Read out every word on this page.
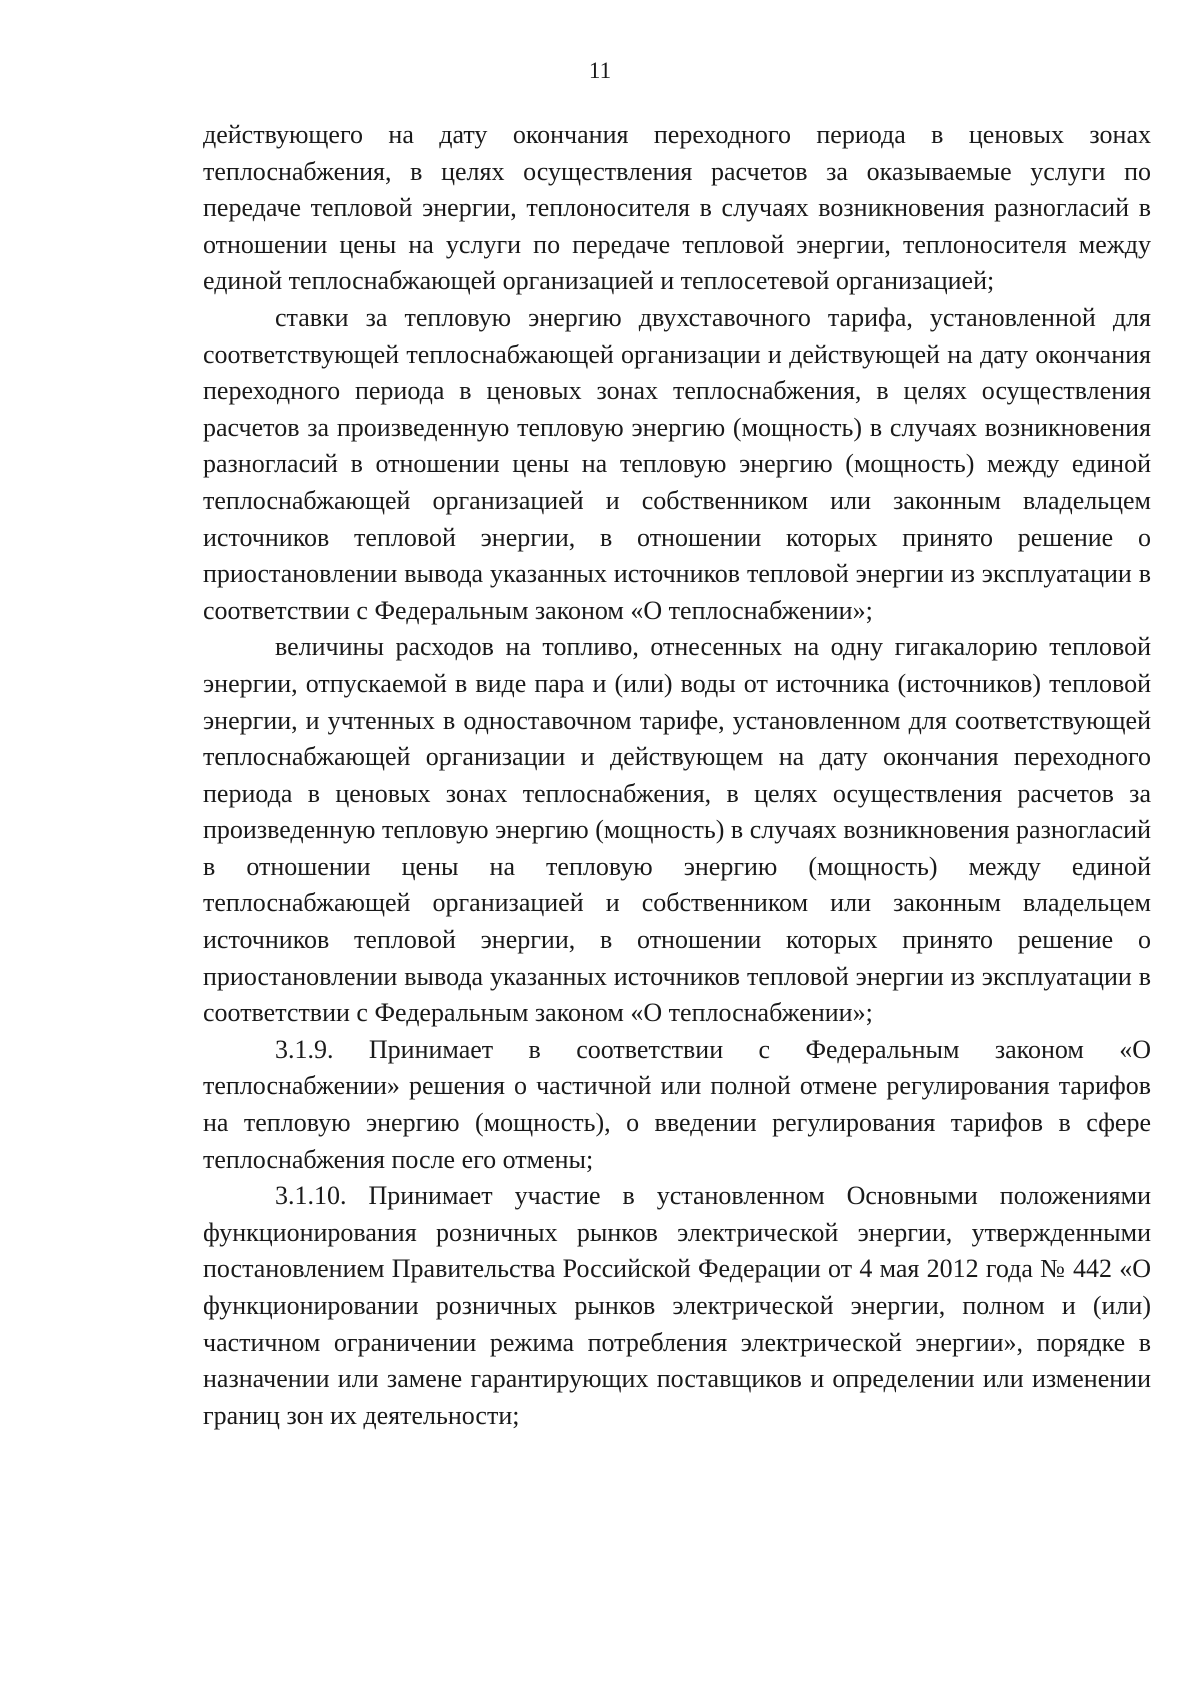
11

действующего на дату окончания переходного периода в ценовых зонах теплоснабжения, в целях осуществления расчетов за оказываемые услуги по передаче тепловой энергии, теплоносителя в случаях возникновения разногласий в отношении цены на услуги по передаче тепловой энергии, теплоносителя между единой теплоснабжающей организацией и теплосетевой организацией;

ставки за тепловую энергию двухставочного тарифа, установленной для соответствующей теплоснабжающей организации и действующей на дату окончания переходного периода в ценовых зонах теплоснабжения, в целях осуществления расчетов за произведенную тепловую энергию (мощность) в случаях возникновения разногласий в отношении цены на тепловую энергию (мощность) между единой теплоснабжающей организацией и собственником или законным владельцем источников тепловой энергии, в отношении которых принято решение о приостановлении вывода указанных источников тепловой энергии из эксплуатации в соответствии с Федеральным законом «О теплоснабжении»;

величины расходов на топливо, отнесенных на одну гигакалорию тепловой энергии, отпускаемой в виде пара и (или) воды от источника (источников) тепловой энергии, и учтенных в одноставочном тарифе, установленном для соответствующей теплоснабжающей организации и действующем на дату окончания переходного периода в ценовых зонах теплоснабжения, в целях осуществления расчетов за произведенную тепловую энергию (мощность) в случаях возникновения разногласий в отношении цены на тепловую энергию (мощность) между единой теплоснабжающей организацией и собственником или законным владельцем источников тепловой энергии, в отношении которых принято решение о приостановлении вывода указанных источников тепловой энергии из эксплуатации в соответствии с Федеральным законом «О теплоснабжении»;

3.1.9. Принимает в соответствии с Федеральным законом «О теплоснабжении» решения о частичной или полной отмене регулирования тарифов на тепловую энергию (мощность), о введении регулирования тарифов в сфере теплоснабжения после его отмены;

3.1.10. Принимает участие в установленном Основными положениями функционирования розничных рынков электрической энергии, утвержденными постановлением Правительства Российской Федерации от 4 мая 2012 года № 442 «О функционировании розничных рынков электрической энергии, полном и (или) частичном ограничении режима потребления электрической энергии», порядке в назначении или замене гарантирующих поставщиков и определении или изменении границ зон их деятельности;
